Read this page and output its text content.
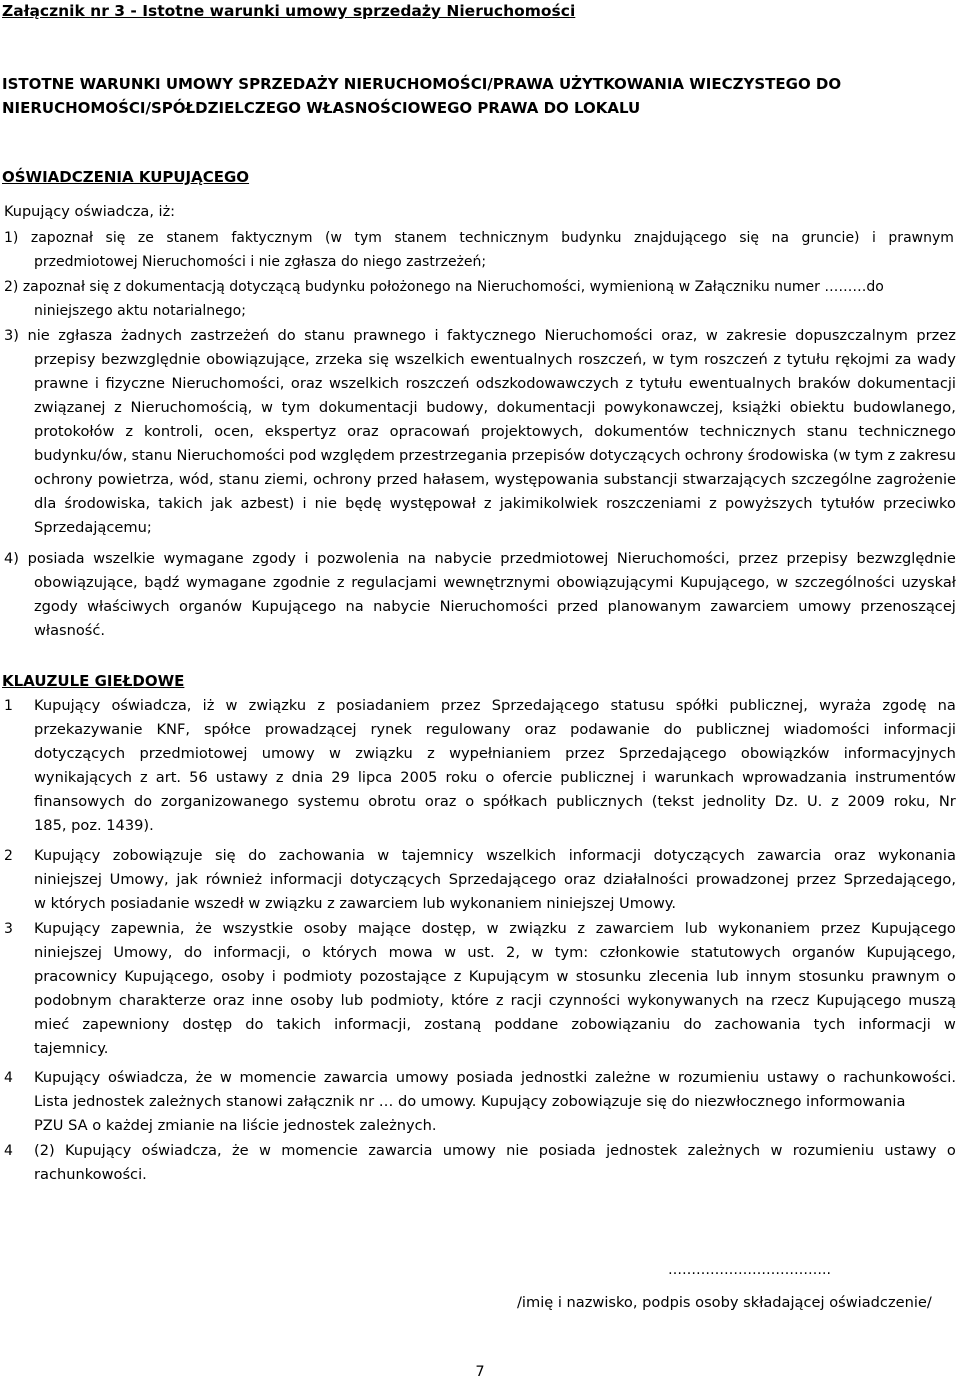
Załącznik nr 3 - Istotne warunki umowy sprzedaży Nieruchomości
ISTOTNE WARUNKI UMOWY SPRZEDAŻY NIERUCHOMOŚCI/PRAWA UŻYTKOWANIA WIECZYSTEGO DO
NIERUCHOMOŚCI/SPÓŁDZIELCZEGO WŁASNOŚCIOWEGO PRAWA DO LOKALU
OŚWIADCZENIA KUPUJĄCEGO

Kupujący oświadcza, iż:

1) zapoznał się ze stanem faktycznym (w tym stanem technicznym budynku znajdującego się na gruncie) i prawnym
przedmiotowej Nieruchomości i nie zgłasza do niego zastrzeżeń;
2) zapoznał się z dokumentacją dotyczącą budynku położonego na Nieruchomości, wymienioną w Załączniku numer ………do
niniejszego aktu notarialnego;
3) nie zgłasza żadnych zastrzeżeń do stanu prawnego i faktycznego Nieruchomości oraz, w zakresie dopuszczalnym przez
przepisy bezwzględnie obowiązujące, zrzeka się wszelkich ewentualnych roszczeń, w tym roszczeń z tytułu rękojmi za wady
prawne i fizyczne Nieruchomości, oraz wszelkich roszczeń odszkodowawczych z tytułu ewentualnych braków dokumentacji
związanej z Nieruchomością, w tym dokumentacji budowy, dokumentacji powykonawczej, książki obiektu budowlanego,
protokołów z kontroli, ocen, ekspertyz oraz opracowań projektowych, dokumentów technicznych stanu technicznego
budynku/ów, stanu Nieruchomości pod względem przestrzegania przepisów dotyczących ochrony środowiska (w tym z zakresu
ochrony powietrza, wód, stanu ziemi, ochrony przed hałasem, występowania substancji stwarzających szczególne zagrożenie
dla środowiska, takich jak azbest) i nie będę występował z jakimikolwiek roszczeniami z powyższych tytułów przeciwko
Sprzedającemu;
4) posiada wszelkie wymagane zgody i pozwolenia na nabycie przedmiotowej Nieruchomości, przez przepisy bezwzględnie
obowiązujące, bądź wymagane zgodnie z regulacjami wewnętrznymi obowiązującymi Kupującego, w szczególności uzyskał
zgody właściwych organów Kupującego na nabycie Nieruchomości przed planowanym zawarciem umowy przenoszącej
własność.
KLAUZULE GIEŁDOWE
1 Kupujący oświadcza, iż w związku z posiadaniem przez Sprzedającego statusu spółki publicznej, wyraża zgodę na
przekazywanie KNF, spółce prowadzącej rynek regulowany oraz podawanie do publicznej wiadomości informacji
dotyczących przedmiotowej umowy w związku z wypełnianiem przez Sprzedającego obowiązków informacyjnych
wynikających z art. 56 ustawy z dnia 29 lipca 2005 roku o ofercie publicznej i warunkach wprowadzania instrumentów
finansowych do zorganizowanego systemu obrotu oraz o spółkach publicznych (tekst jednolity Dz. U. z 2009 roku, Nr
185, poz. 1439).
2 Kupujący zobowiązuje się do zachowania w tajemnicy wszelkich informacji dotyczących zawarcia oraz wykonania
niniejszej Umowy, jak również informacji dotyczących Sprzedającego oraz działalności prowadzonej przez Sprzedającego,
w których posiadanie wszedł w związku z zawarciem lub wykonaniem niniejszej Umowy.
3 Kupujący zapewnia, że wszystkie osoby mające dostęp, w związku z zawarciem lub wykonaniem przez Kupującego
niniejszej Umowy, do informacji, o których mowa w ust. 2, w tym: członkowie statutowych organów Kupującego,
pracownicy Kupującego, osoby i podmioty pozostające z Kupującym w stosunku zlecenia lub innym stosunku prawnym o
podobnym charakterze oraz inne osoby lub podmioty, które z racji czynności wykonywanych na rzecz Kupującego muszą
mieć zapewniony dostęp do takich informacji, zostaną poddane zobowiązaniu do zachowania tych informacji w
tajemnicy.
4 Kupujący oświadcza, że w momencie zawarcia umowy posiada jednostki zależne w rozumieniu ustawy o rachunkowości.
Lista jednostek zależnych stanowi załącznik nr … do umowy. Kupujący zobowiązuje się do niezwłocznego informowania
PZU SA o każdej zmianie na liście jednostek zależnych.
4 (2) Kupujący oświadcza, że w momencie zawarcia umowy nie posiada jednostek zależnych w rozumieniu ustawy o
rachunkowości.
……………………………..
/imię i nazwisko, podpis osoby składającej oświadczenie/
7
